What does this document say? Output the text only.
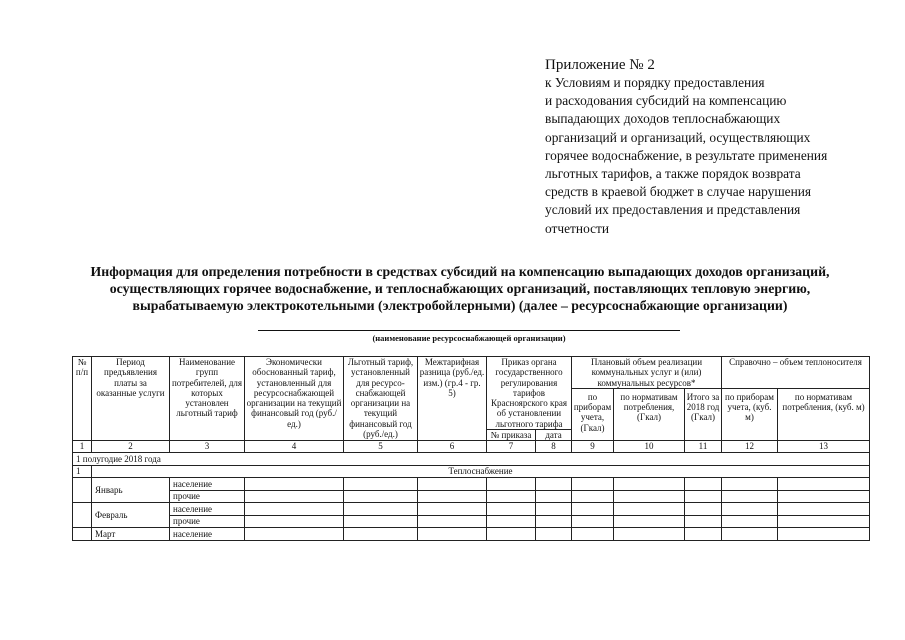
Приложение № 2
к Условиям и порядку предоставления
и расходования субсидий на компенсацию
выпадающих доходов теплоснабжающих
организаций и организаций, осуществляющих
горячее водоснабжение, в результате применения
льготных тарифов, а также порядок возврата
средств в краевой бюджет в случае нарушения
условий их предоставления и представления
отчетности
Информация для определения потребности в средствах субсидий на компенсацию выпадающих доходов организаций,
осуществляющих горячее водоснабжение, и теплоснабжающих организаций, поставляющих тепловую энергию,
вырабатываемую электрокотельными (электробойлерными) (далее – ресурсоснабжающие организации)
(наименование ресурсоснабжающей организации)
№ п/п	Период предъявления платы за оказанные услуги	Наименование групп потребителей, для которых установлен льготный тариф	Экономически обоснованный тариф, установленный для ресурсоснабжающей организации на текущий финансовый год (руб./ед.)	Льготный тариф, установленный для ресурсо-снабжающей организации на текущий финансовый год (руб./ед.)	Межтарифная разница (руб./ед. изм.) (гр.4 - гр. 5)	Приказ органа государственного регулирования тарифов Красноярского края об установлении льготного тарифа		Плановый объем реализации коммунальных услуг и (или) коммунальных ресурсов*			Справочно – объем теплоносителя	
								по приборам учета, (Гкал)	по нормативам потребления, (Гкал)	Итого за 2018 год (Гкал)	по приборам учета, (куб. м)	по нормативам потребления, (куб. м)
						№ приказа	дата					
1	2	3	4	5	6	7	8	9	10	11	12	13
1 полугодие 2018 года												
1	Теплоснабжение											
	Январь	население										
		прочие										
	Февраль	население										
		прочие										
	Март	население										
